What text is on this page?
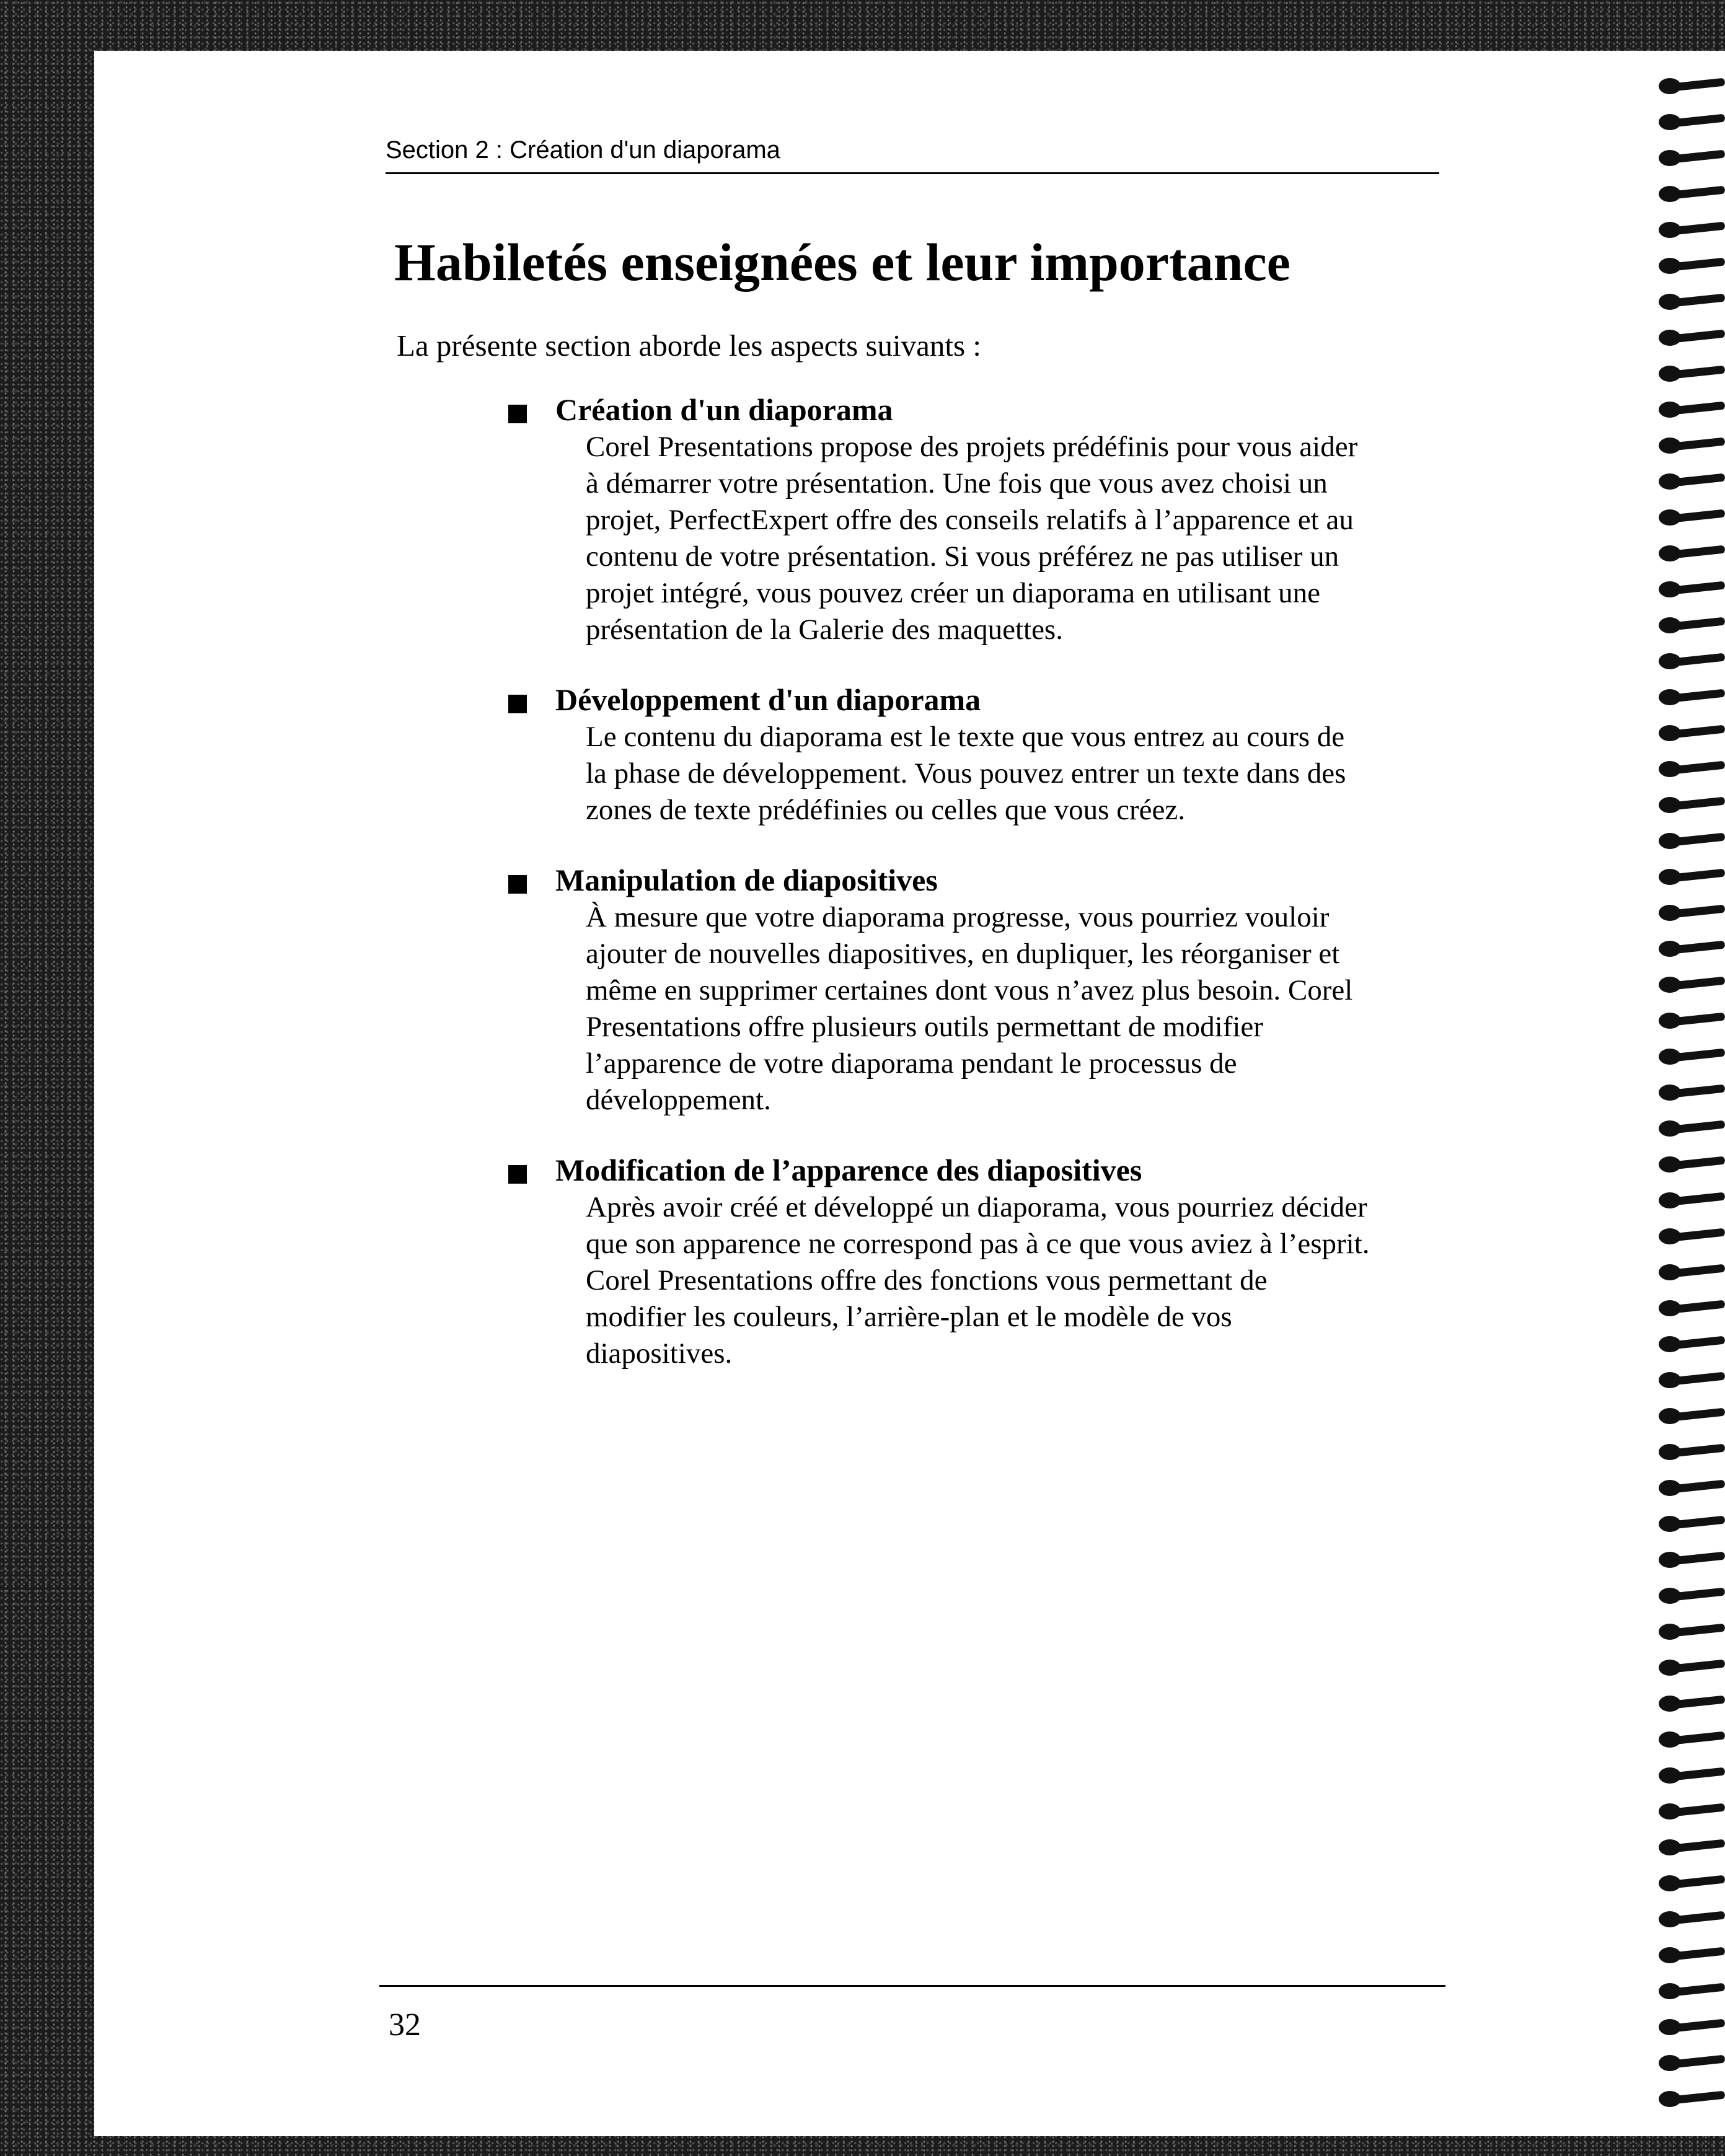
Section 2 : Création d'un diaporama
Habiletés enseignées et leur importance

La présente section aborde les aspects suivants :

Création d'un diaporama
Corel Presentations propose des projets prédéfinis pour vous aider
à démarrer votre présentation. Une fois que vous avez choisi un
projet, PerfectExpert offre des conseils relatifs à l’apparence et au
contenu de votre présentation. Si vous préférez ne pas utiliser un
projet intégré, vous pouvez créer un diaporama en utilisant une
présentation de la Galerie des maquettes.
Développement d'un diaporama
Le contenu du diaporama est le texte que vous entrez au cours de
la phase de développement. Vous pouvez entrer un texte dans des
zones de texte prédéfinies ou celles que vous créez.
Manipulation de diapositives
À mesure que votre diaporama progresse, vous pourriez vouloir
ajouter de nouvelles diapositives, en dupliquer, les réorganiser et
même en supprimer certaines dont vous n’avez plus besoin. Corel
Presentations offre plusieurs outils permettant de modifier
l’apparence de votre diaporama pendant le processus de
développement.
Modification de l’apparence des diapositives
Après avoir créé et développé un diaporama, vous pourriez décider
que son apparence ne correspond pas à ce que vous aviez à l’esprit.
Corel Presentations offre des fonctions vous permettant de
modifier les couleurs, l’arrière-plan et le modèle de vos
diapositives.
32
